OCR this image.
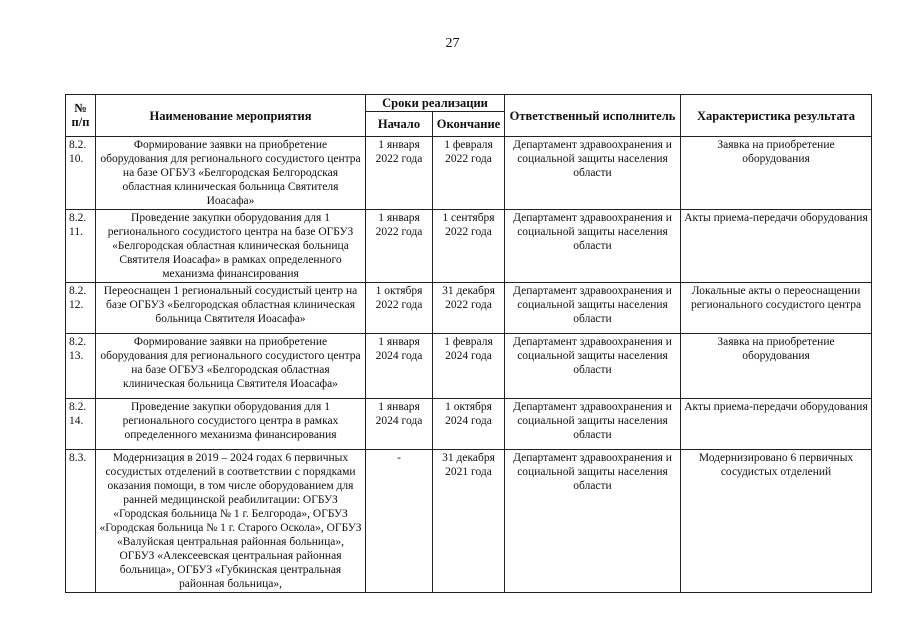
27
№ п/п	Наименование мероприятия	Сроки реализации		Ответственный исполнитель	Характеристика результата
		Начало	Окончание		

8.2.
10.	Формирование заявки на приобретение оборудования для регионального сосудистого центра на базе ОГБУЗ «Белгородская Белгородская областная клиническая больница Святителя Иоасафа»	1 января 2022 года	1 февраля 2022 года	Департамент здравоохранения и социальной защиты населения области	Заявка на приобретение оборудования

8.2.
11.	Проведение закупки оборудования для 1 регионального сосудистого центра на базе ОГБУЗ «Белгородская областная клиническая больница Святителя Иоасафа» в рамках определенного механизма финансирования	1 января 2022 года	1 сентября 2022 года	Департамент здравоохранения и социальной защиты населения области	Акты приема-передачи оборудования

8.2.
12.	Переоснащен 1 региональный сосудистый центр на базе ОГБУЗ «Белгородская областная клиническая больница Святителя Иоасафа»	1 октября 2022 года	31 декабря 2022 года	Департамент здравоохранения и социальной защиты населения области	Локальные акты о переоснащении регионального сосудистого центра

8.2.
13.	Формирование заявки на приобретение оборудования для регионального сосудистого центра на базе ОГБУЗ «Белгородская областная клиническая больница Святителя Иоасафа»	1 января 2024 года	1 февраля 2024 года	Департамент здравоохранения и социальной защиты населения области	Заявка на приобретение оборудования

8.2.
14.	Проведение закупки оборудования для 1 регионального сосудистого центра в рамках определенного механизма финансирования	1 января 2024 года	1 октября 2024 года	Департамент здравоохранения и социальной защиты населения области	Акты приема-передачи оборудования

8.3.	Модернизация в 2019 – 2024 годах 6 первичных сосудистых отделений в соответствии с порядками оказания помощи, в том числе оборудованием для ранней медицинской реабилитации: ОГБУЗ «Городская больница № 1 г. Белгорода», ОГБУЗ «Городская больница № 1 г. Старого Оскола», ОГБУЗ «Валуйская центральная районная больница», ОГБУЗ «Алексеевская центральная районная больница», ОГБУЗ «Губкинская центральная районная больница»,	-	31 декабря 2021 года	Департамент здравоохранения и социальной защиты населения области	Модернизировано 6 первичных сосудистых отделений
